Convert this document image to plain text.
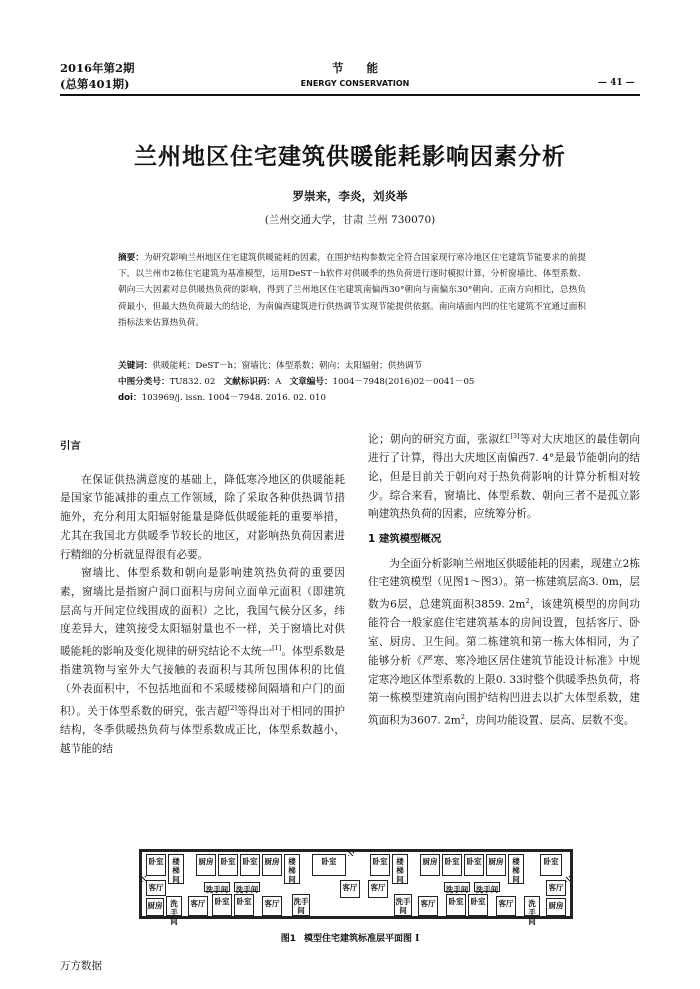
2016年第2期
(总第401期)
节　　能
ENERGY CONSERVATION	— 41 —
兰州地区住宅建筑供暖能耗影响因素分析
罗崇来，李炎，刘炎举
(兰州交通大学，甘肃 兰州 730070)
摘要：为研究影响兰州地区住宅建筑供暖能耗的因素，在围护结构参数完全符合国家现行寒冷地区住宅建筑节能要求的前提下，以兰州市2栋住宅建筑为基准模型，运用DeST－h软件对供暖季的热负荷进行逐时模拟计算，分析窗墙比、体型系数、朝向三大因素对总供暖热负荷的影响，得到了兰州地区住宅建筑南偏西30°朝向与南偏东30°朝向、正南方向相比，总热负荷最小，但最大热负荷最大的结论，为南偏西建筑进行供热调节实现节能提供依据。南向墙面内凹的住宅建筑不宜通过面积指标法来估算热负荷。
关键词：供暖能耗；DeST－h；窗墙比；体型系数；朝向；太阳辐射；供热调节
中图分类号：TU832. 02 文献标识码：A 文章编号：1004－7948(2016)02－0041－05
doi：103969/j. issn. 1004－7948. 2016. 02. 010
引言

在保证供热满意度的基础上，降低寒冷地区的供暖能耗是国家节能减排的重点工作领域，除了采取各种供热调节措施外，充分利用太阳辐射能量是降低供暖能耗的重要举措，尤其在我国北方供暖季节较长的地区，对影响热负荷因素进行精细的分析就显得很有必要。

窗墙比、体型系数和朝向是影响建筑热负荷的重要因素，窗墙比是指窗户洞口面积与房间立面单元面积（即建筑层高与开间定位线围成的面积）之比，我国气候分区多，纬度差异大，建筑接受太阳辐射量也不一样，关于窗墙比对供暖能耗的影响及变化规律的研究结论不太统一[1]。体型系数是指建筑物与室外大气接触的表面积与其所包围体积的比值（外表面积中，不包括地面和不采暖楼梯间隔墙和户门的面积）。关于体型系数的研究，张吉超[2]等得出对于相同的围护结构，冬季供暖热负荷与体型系数成正比，体型系数越小，越节能的结

论；朝向的研究方面，张淑红[3]等对大庆地区的最佳朝向进行了计算，得出大庆地区南偏西7. 4°是最节能朝向的结论，但是目前关于朝向对于热负荷影响的计算分析相对较少。综合来看，窗墙比、体型系数、朝向三者不是孤立影响建筑热负荷的因素，应统筹分析。

1 建筑模型概况

为全面分析影响兰州地区供暖能耗的因素，现建立2栋住宅建筑模型（见图1～图3）。第一栋建筑层高3. 0m，层数为6层，总建筑面积3859. $2m^2$，该建筑模型的房间功能符合一般家庭住宅建筑基本的房间设置，包括客厅、卧室、厨房、卫生间。第二栋建筑和第一栋大体相同，为了能够分析《严寒、寒冷地区居住建筑节能设计标准》中规定寒冷地区体型系数的上限0. 33时整个供暖季热负荷，将第一栋模型建筑南向围护结构凹进去以扩大体型系数，建筑面积为3607. $2m^2$，房间功能设置、层高、层数不变。

卧室	楼梯间
厨房 卧室 卧室 厨房	楼梯间
卧室	卧室	楼梯间
厨房 卧室 卧室 厨房	楼梯间
卧室
客厅	客厅 客厅	客厅
洗手间 洗手间	洗手间 洗手间
厨房	洗手间
客厅 卧室 卧室 客厅 洗手间
洗手间
客厅 卧室 卧室 客厅	洗手间
厨房
图1 模型住宅建筑标准层平面图 I
万方数据
